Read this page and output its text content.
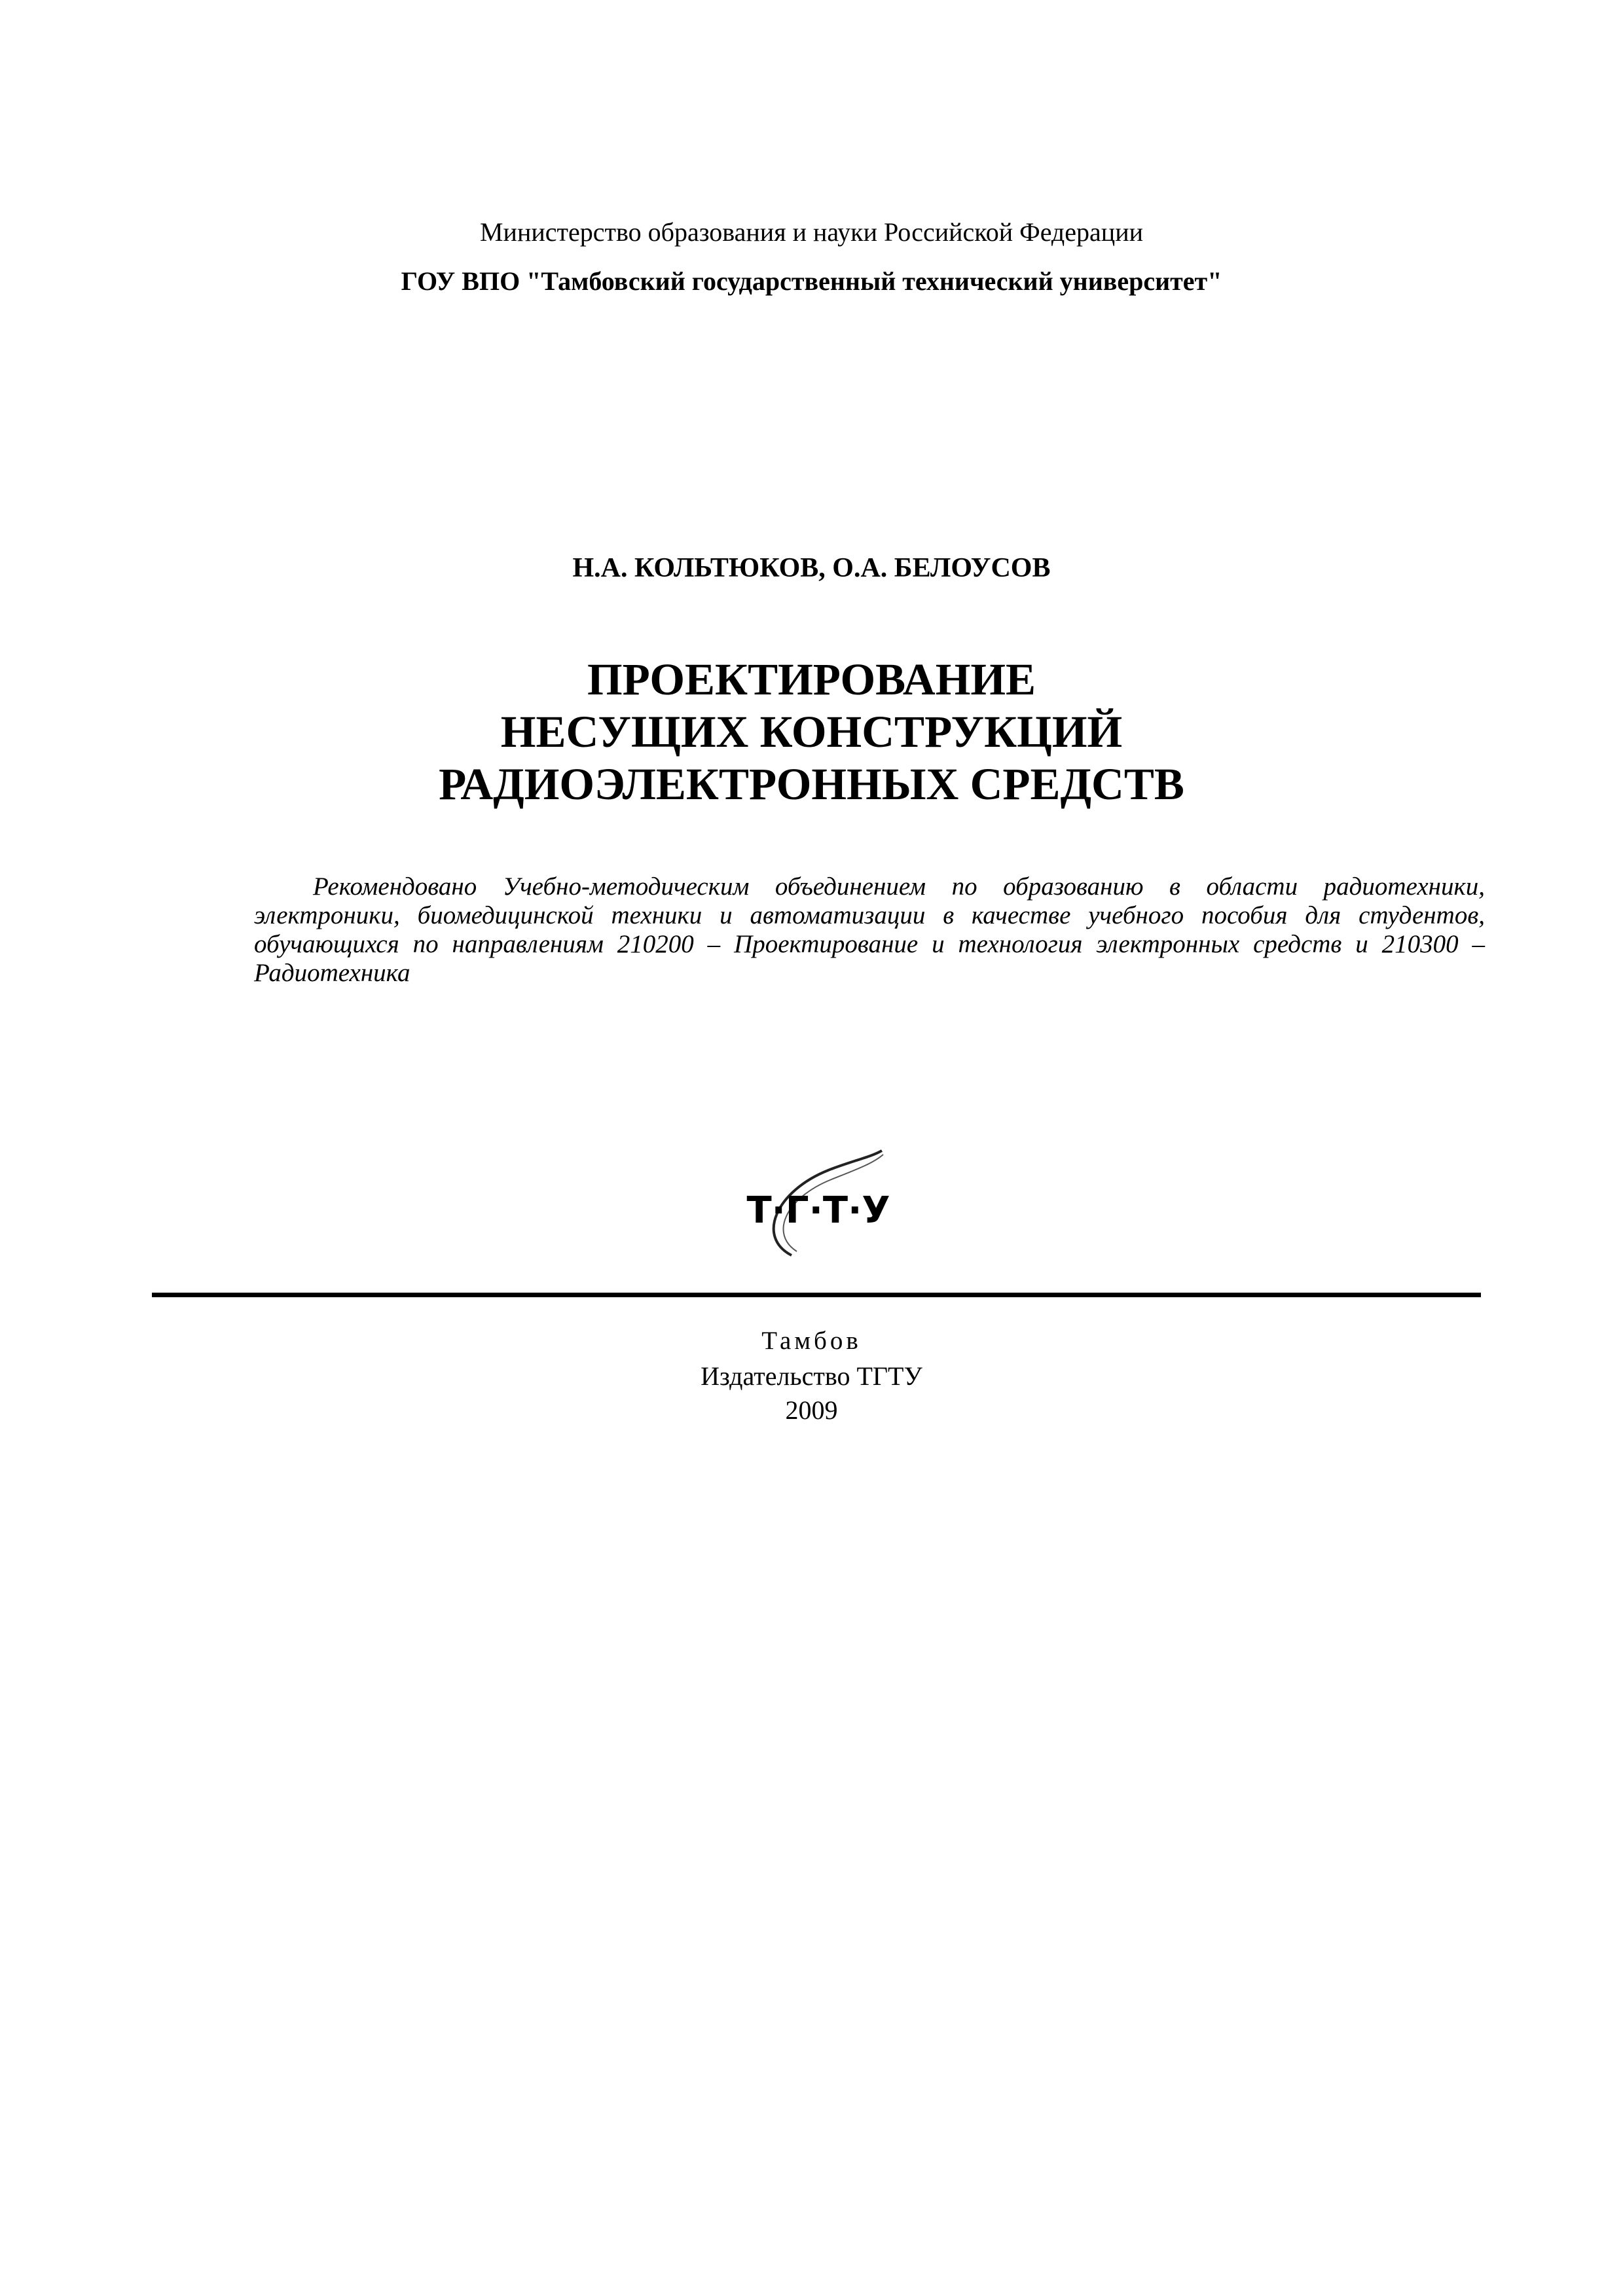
Министерство образования и науки Российской Федерации
ГОУ ВПО "Тамбовский государственный технический университет"
Н.А. КОЛЬТЮКОВ, О.А. БЕЛОУСОВ
ПРОЕКТИРОВАНИЕ
НЕСУЩИХ КОНСТРУКЦИЙ
РАДИОЭЛЕКТРОННЫХ СРЕДСТВ
Рекомендовано Учебно-методическим объединением по образованию в области радиотехники, электроники, биомедицинской техники и автоматизации в качестве учебного пособия для студентов, обучающихся по направлениям 210200 – Проектирование и технология электронных средств и 210300 – Радиотехника
Т·Г·Т·У
Тамбов
Издательство ТГТУ
2009
